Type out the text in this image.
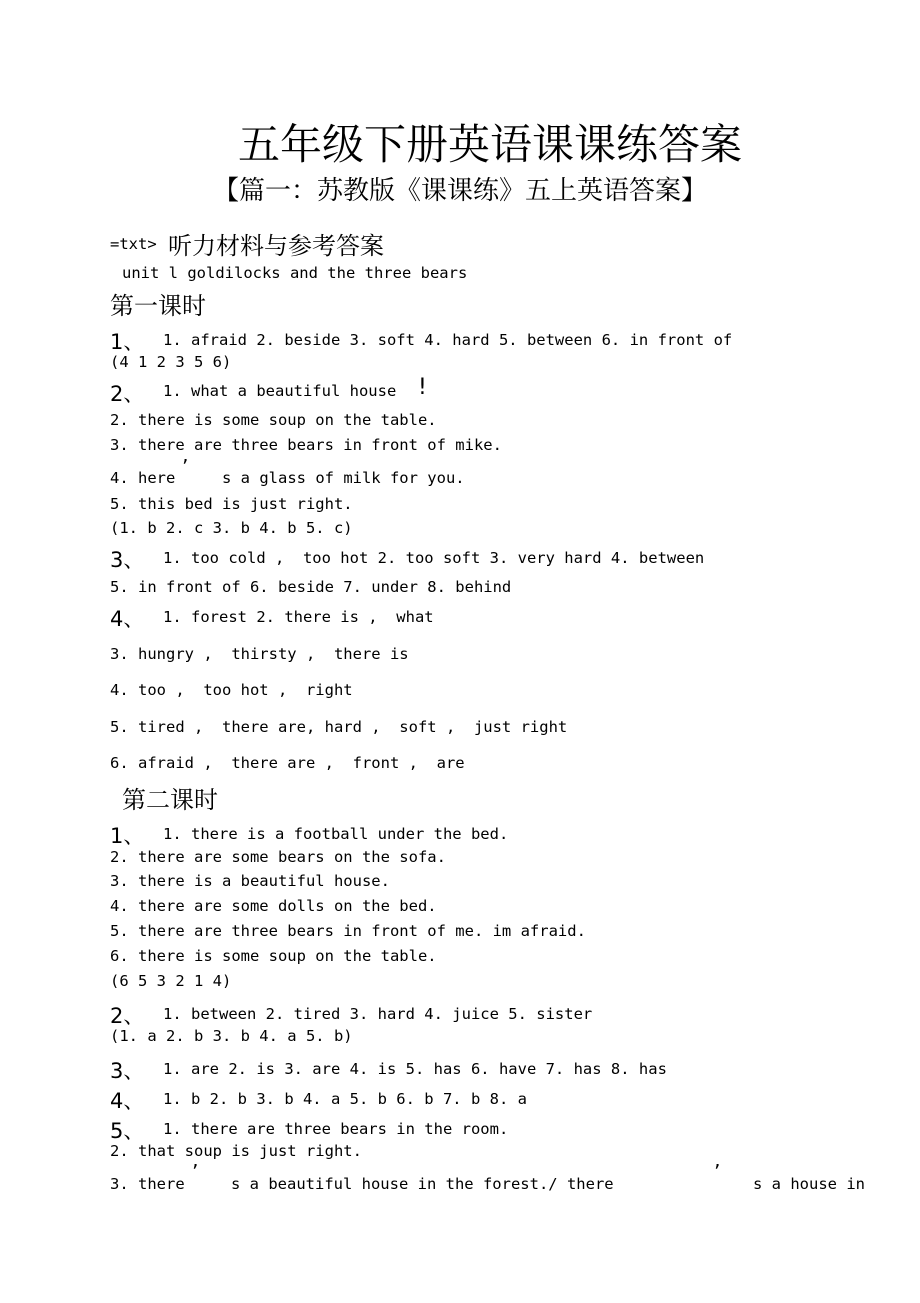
五年级下册英语课课练答案
【篇一：苏教版《课课练》五上英语答案】
=txt> 听力材料与参考答案
unit l goldilocks and the three bears
第一课时
1、 1. afraid 2. beside 3. soft 4. hard 5. between 6. in front of
(4 1 2 3 5 6)
2、 1. what a beautiful house !
2. there is some soup on the table.
3. there are three bears in front of mike.
4. here ’ s a glass of milk for you.
5. this bed is just right.
(1. b 2. c 3. b 4. b 5. c)
3、 1. too cold ,  too hot 2. too soft 3. very hard 4. between
5. in front of 6. beside 7. under 8. behind
4、 1. forest 2. there is ,  what
3. hungry ,  thirsty ,  there is
4. too ,  too hot ,  right
5. tired ,  there are, hard ,  soft ,  just right
6. afraid ,  there are ,  front ,  are
第二课时
1、 1. there is a football under the bed.
2. there are some bears on the sofa.
3. there is a beautiful house.
4. there are some dolls on the bed.
5. there are three bears in front of me. im afraid.
6. there is some soup on the table.
(6 5 3 2 1 4)
2、 1. between 2. tired 3. hard 4. juice 5. sister
(1. a 2. b 3. b 4. a 5. b)
3、 1. are 2. is 3. are 4. is 5. has 6. have 7. has 8. has
4、 1. b 2. b 3. b 4. a 5. b 6. b 7. b 8. a
5、 1. there are three bears in the room.
2. that soup is just right.
3. there ’ s a beautiful house in the forest./ there	’ s a house in
